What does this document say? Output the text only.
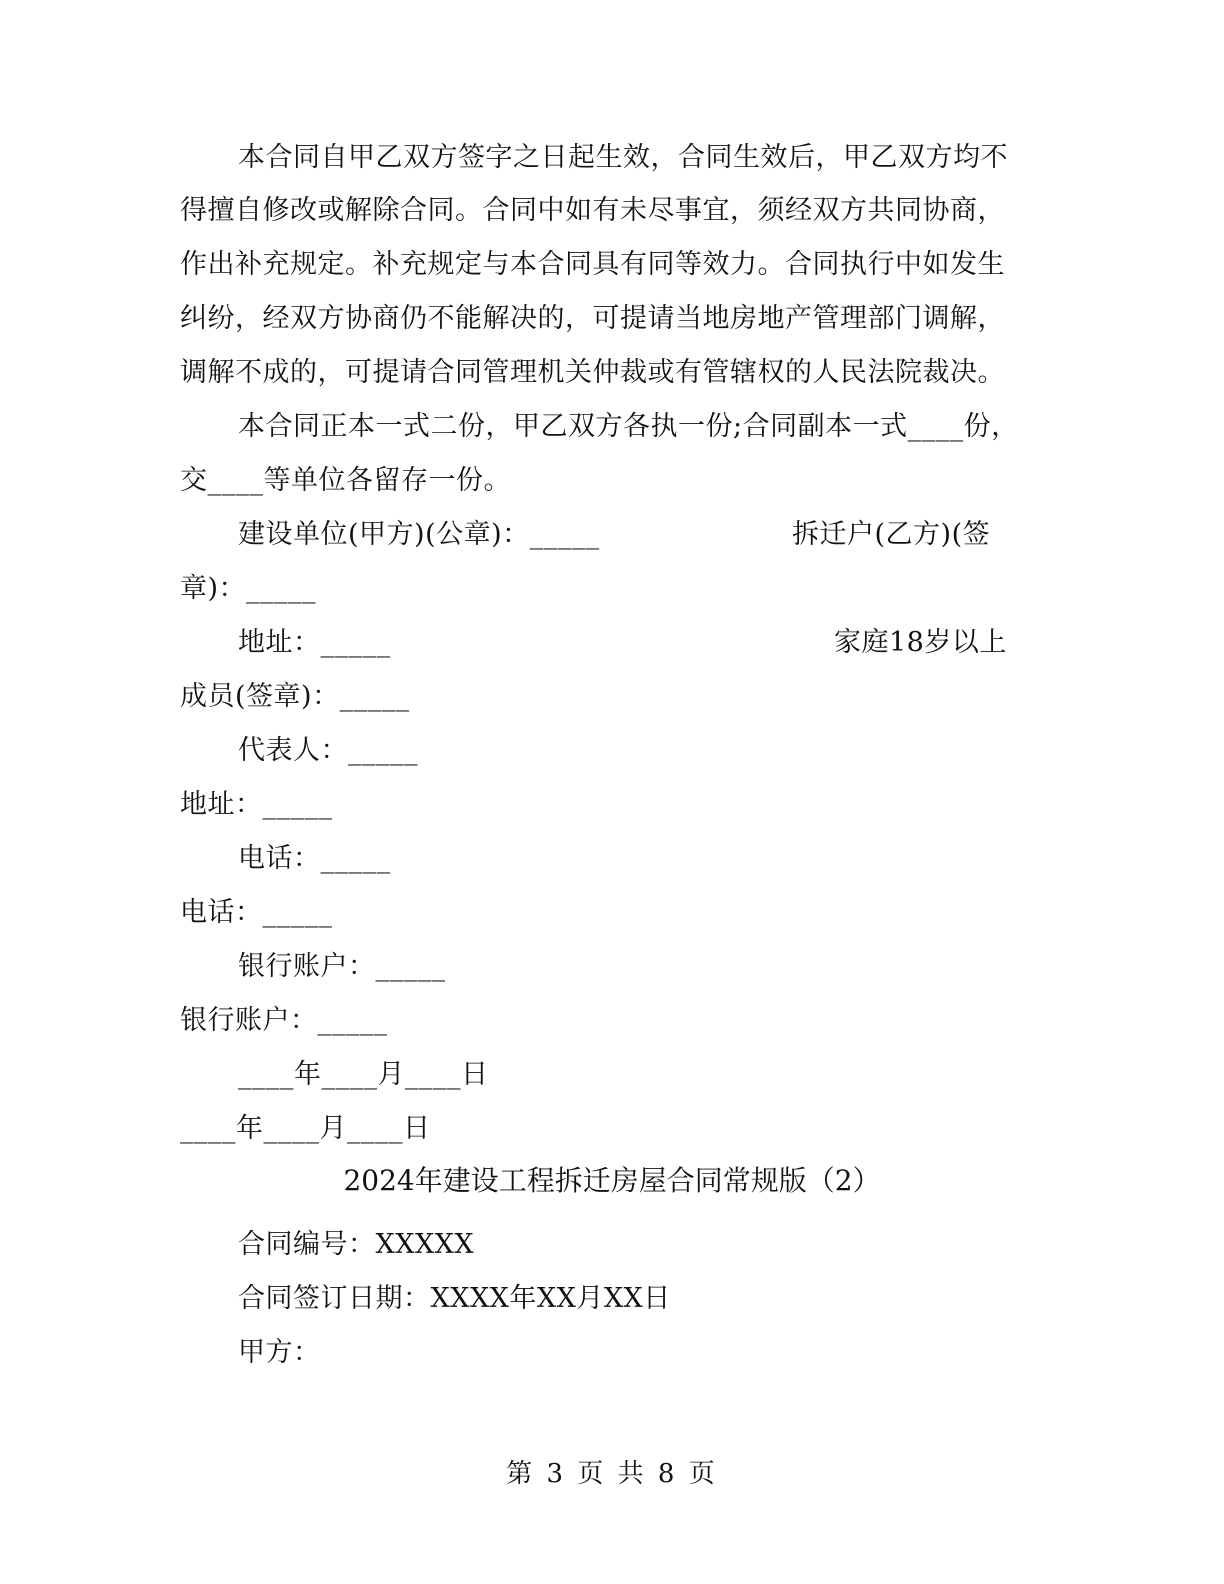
本合同自甲乙双方签字之日起生效，合同生效后，甲乙双方均不
得擅自修改或解除合同。合同中如有未尽事宜，须经双方共同协商，
作出补充规定。补充规定与本合同具有同等效力。合同执行中如发生
纠纷，经双方协商仍不能解决的，可提请当地房地产管理部门调解，
调解不成的，可提请合同管理机关仲裁或有管辖权的人民法院裁决。
本合同正本一式二份，甲乙双方各执一份;合同副本一式____份，
交____等单位各留存一份。
建设单位(甲方)(公章)：_____	拆迁户(乙方)(签
章)：_____
地址：_____	家庭18岁以上
成员(签章)：_____
代表人：_____
地址：_____
电话：_____
电话：_____
银行账户：_____
银行账户：_____
____年____月____日
____年____月____日
2024年建设工程拆迁房屋合同常规版（2）
合同编号：XXXXX
合同签订日期：XXXX年XX月XX日
甲方：
第 3 页 共 8 页
